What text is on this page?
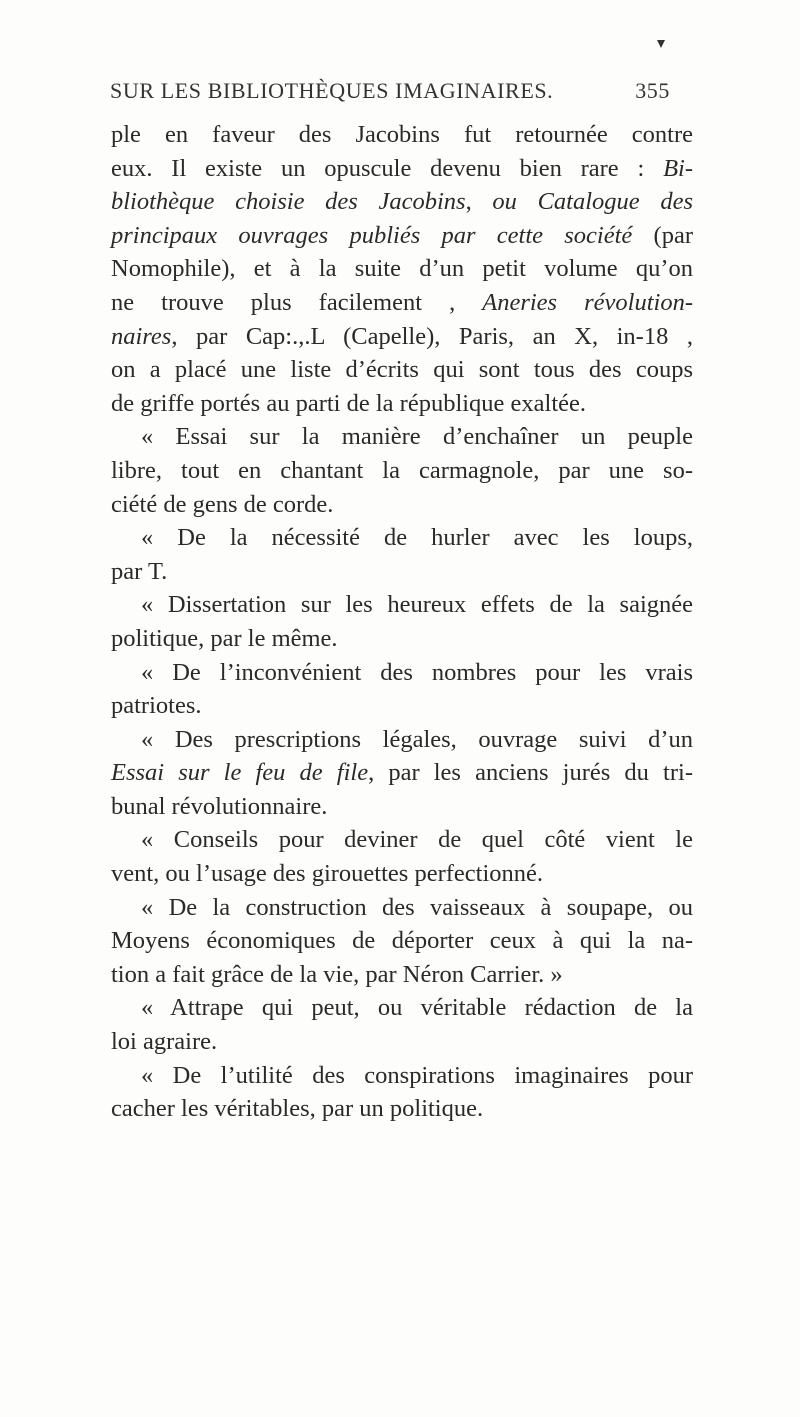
SUR LES BIBLIOTHÈQUES IMAGINAIRES.	355

ple en faveur des Jacobins fut retournée contre
eux. Il existe un opuscule devenu bien rare : Bi-
bliothèque choisie des Jacobins, ou Catalogue des
principaux ouvrages publiés par cette société (par
Nomophile), et à la suite d’un petit volume qu’on
ne trouve plus facilement , Aneries révolution-
naires, par Cap:.,.L (Capelle), Paris, an X, in-18 ,
on a placé une liste d’écrits qui sont tous des coups
de griffe portés au parti de la république exaltée.

« Essai sur la manière d’enchaîner un peuple
libre, tout en chantant la carmagnole, par une so-
ciété de gens de corde.

« De la nécessité de hurler avec les loups,
par T.

« Dissertation sur les heureux effets de la saignée
politique, par le même.

« De l’inconvénient des nombres pour les vrais
patriotes.

« Des prescriptions légales, ouvrage suivi d’un
Essai sur le feu de file, par les anciens jurés du tri-
bunal révolutionnaire.

« Conseils pour deviner de quel côté vient le
vent, ou l’usage des girouettes perfectionné.

« De la construction des vaisseaux à soupape, ou
Moyens économiques de déporter ceux à qui la na-
tion a fait grâce de la vie, par Néron Carrier. »

« Attrape qui peut, ou véritable rédaction de la
loi agraire.

« De l’utilité des conspirations imaginaires pour
cacher les véritables, par un politique.
